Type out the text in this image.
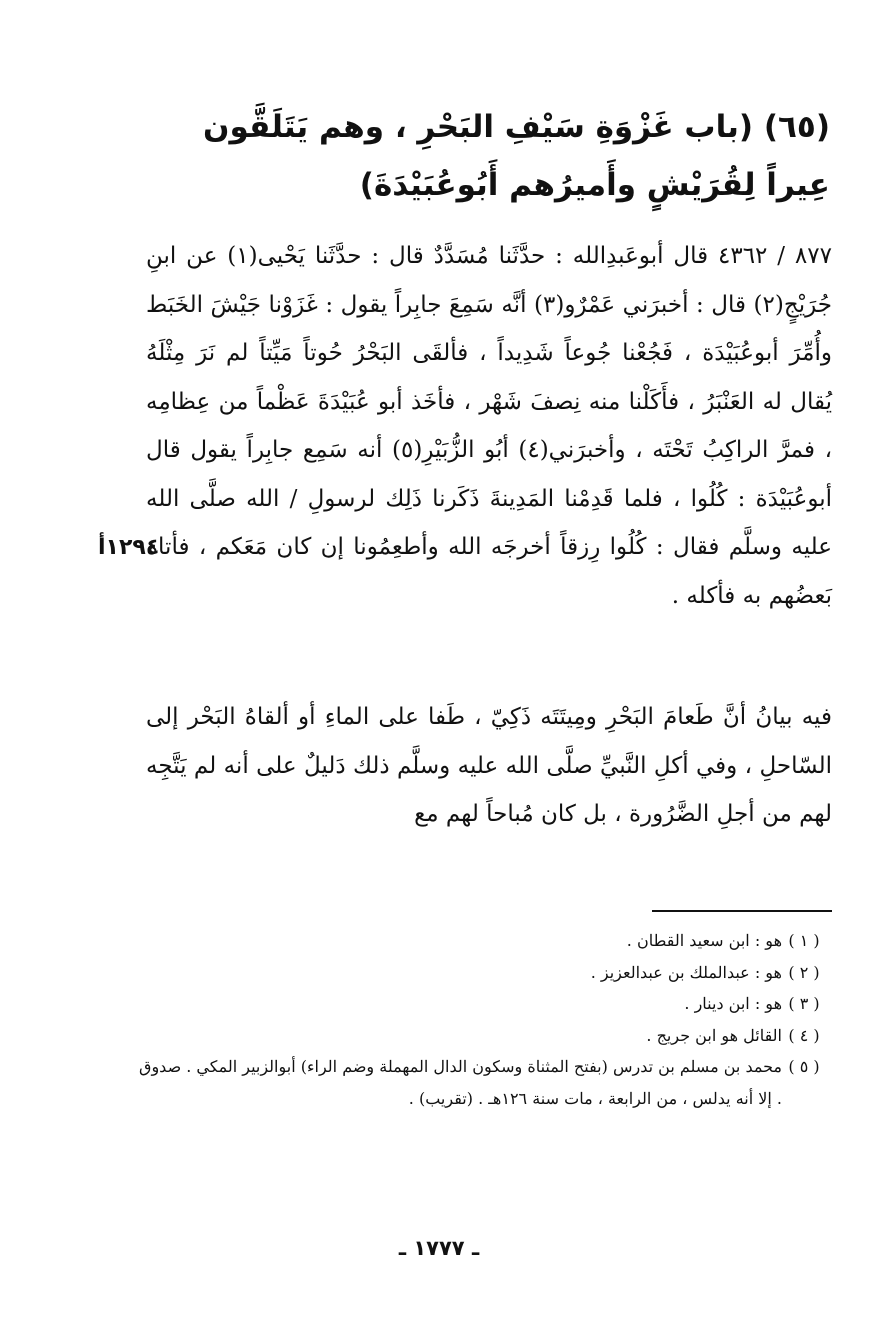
(٦٥) (باب غَزْوَةِ سَيْفِ البَحْرِ ، وهم يَتَلَقَّون عِيراً لِقُرَيْشٍ وأَميرُهم أَبُوعُبَيْدَةَ)
٨٧٧ / ٤٣٦٢ قال أبوعَبدِالله : حدَّثَنا مُسَدَّدٌ قال : حدَّثَنا يَحْيى(١) عن ابنِ جُرَيْجٍ(٢) قال : أخبرَني عَمْرٌو(٣) أنَّه سَمِعَ جابِراً يقول : غَزَوْنا جَيْشَ الخَبَط وأُمِّرَ أبوعُبَيْدَة ، فَجُعْنا جُوعاً شَدِيداً ، فألقَى البَحْرُ حُوتاً مَيِّتاً لم نَرَ مِثْلَهُ يُقال له العَنْبَرُ ، فأَكَلْنا منه نِصفَ شَهْر ، فأخَذ أبو عُبَيْدَةَ عَظْماً من عِظامِه ، فمرَّ الراكِبُ تَحْتَه ، وأخبرَني(٤) أبُو الزُّبَيْرِ(٥) أنه سَمِع جابِراً يقول قال أبوعُبَيْدَة : كُلُوا ، فلما قَدِمْنا المَدِينةَ ذَكَرنا ذَلِك لرسولِ / الله صلَّى الله عليه وسلَّم فقال : كُلُوا رِزقاً أخرجَه الله وأطعِمُونا إن كان مَعَكم ، فأتاه بَعضُهم به فأكله .
١٢٩٤أ
فيه بيانُ أنَّ طَعامَ البَحْرِ ومِيتَتَه ذَكِيّ ، طَفا على الماءِ أو ألقاهُ البَحْر إلى السّاحلِ ، وفي أكلِ النَّبيِّ صلَّى الله عليه وسلَّم ذلك دَليلٌ على أنه لم يَتَّجِه لهم من أجلِ الضَّرُورة ، بل كان مُباحاً لهم مع
( ١ )
هو : ابن سعيد القطان .
( ٢ )
هو : عبدالملك بن عبدالعزيز .
( ٣ )
هو : ابن دينار .
( ٤ )
القائل هو ابن جريج .
( ٥ )
محمد بن مسلم بن تدرس (بفتح المثناة وسكون الدال المهملة وضم الراء) أبوالزبير المكي . صدوق . إلا أنه يدلس ، من الرابعة ، مات سنة ١٢٦هـ . (تقريب) .
ـ ١٧٧٧ ـ
